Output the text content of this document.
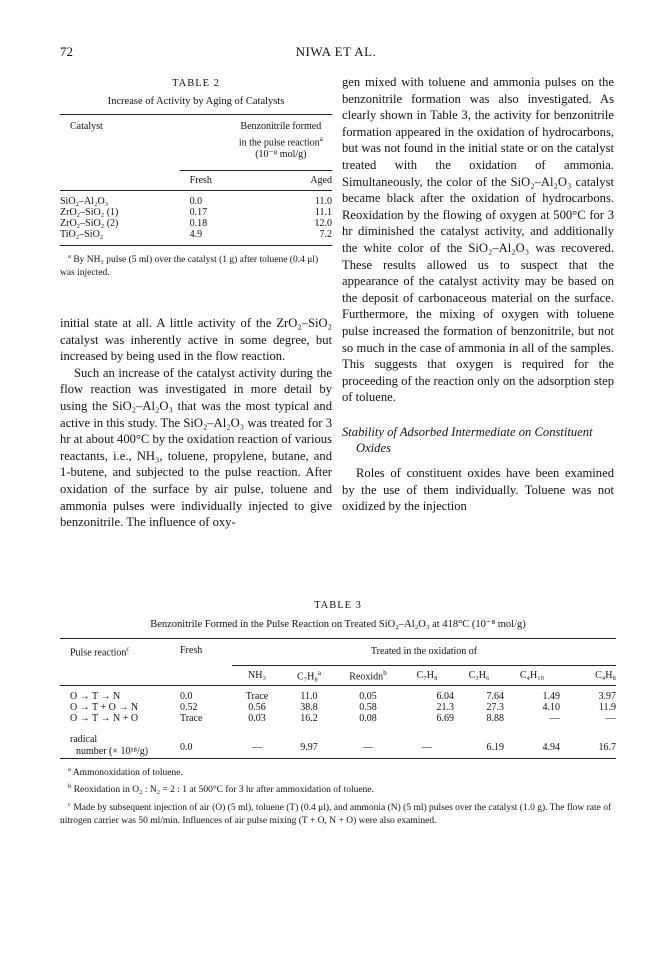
72	NIWA ET AL.
TABLE 2
Increase of Activity by Aging of Catalysts
Catalyst	Benzonitrile formed
in the pulse reaction$^a$
(10⁻⁸ mol/g)	

	Fresh	Aged

SiO₂–Al₂O₃	0.0	11.0
ZrO₂–SiO₂ (1)	0.17	11.1
ZrO₂–SiO₂ (2)	0.18	12.0
TiO₂–SiO₂	4.9	7.2
$^a$ By NH₃ pulse (5 ml) over the catalyst (1 g) after toluene (0.4 μl) was injected.

initial state at all. A little activity of the ZrO₂–SiO₂ catalyst was inherently active in some degree, but increased by being used in the flow reaction.

Such an increase of the catalyst activity during the flow reaction was investigated in more detail by using the SiO₂–Al₂O₃ that was the most typical and active in this study. The SiO₂–Al₂O₃ was treated for 3 hr at about 400°C by the oxidation reaction of various reactants, i.e., NH₃, toluene, propylene, butane, and 1-butene, and subjected to the pulse reaction. After oxidation of the surface by air pulse, toluene and ammonia pulses were individually injected to give benzonitrile. The influence of oxy-

gen mixed with toluene and ammonia pulses on the benzonitrile formation was also investigated. As clearly shown in Table 3, the activity for benzonitrile formation appeared in the oxidation of hydrocarbons, but was not found in the initial state or on the catalyst treated with the oxidation of ammonia. Simultaneously, the color of the SiO₂–Al₂O₃ catalyst became black after the oxidation of hydrocarbons. Reoxidation by the flowing of oxygen at 500°C for 3 hr diminished the catalyst activity, and additionally the white color of the SiO₂–Al₂O₃ was recovered. These results allowed us to suspect that the appearance of the catalyst activity may be based on the deposit of carbonaceous material on the surface. Furthermore, the mixing of oxygen with toluene pulse increased the formation of benzonitrile, but not so much in the case of ammonia in all of the samples. This suggests that oxygen is required for the proceeding of the reaction only on the adsorption step of toluene.

Stability of Adsorbed Intermediate on Constituent Oxides

Roles of constituent oxides have been examined by the use of them individually. Toluene was not oxidized by the injection

TABLE 3
Benzonitrile Formed in the Pulse Reaction on Treated SiO₂–Al₂O₃ at 418°C (10⁻⁸ mol/g)
Pulse reaction$^c$	Fresh	Treated in the oxidation of						

		NH₃	C₇H₈$^a$	Reoxidn$^b$	C₇H₈	C₃H₆	C₄H₁₀	C₄H₈

O → T → N	0.0	Trace	11.0	0.05	6.04	7.64	1.49	3.97
O → T + O → N	0.52	0.56	38.8	0.58	21.3	27.3	4.10	11.9
O → T → N + O	Trace	0.03	16.2	0.08	6.69	8.88	—	—
radical
number (× 10¹⁸/g)	0.0	—	9.97	—	—	6.19	4.94	16.7
$^a$ Ammonoxidation of toluene.
$^b$ Reoxidation in O₂ : N₂ = 2 : 1 at 500°C for 3 hr after ammoxidation of toluene.
$^c$ Made by subsequent injection of air (O) (5 ml), toluene (T) (0.4 μl), and ammonia (N) (5 ml) pulses over the catalyst (1.0 g). The flow rate of nitrogen carrier was 50 ml/min. Influences of air pulse mixing (T + O, N + O) were also examined.
